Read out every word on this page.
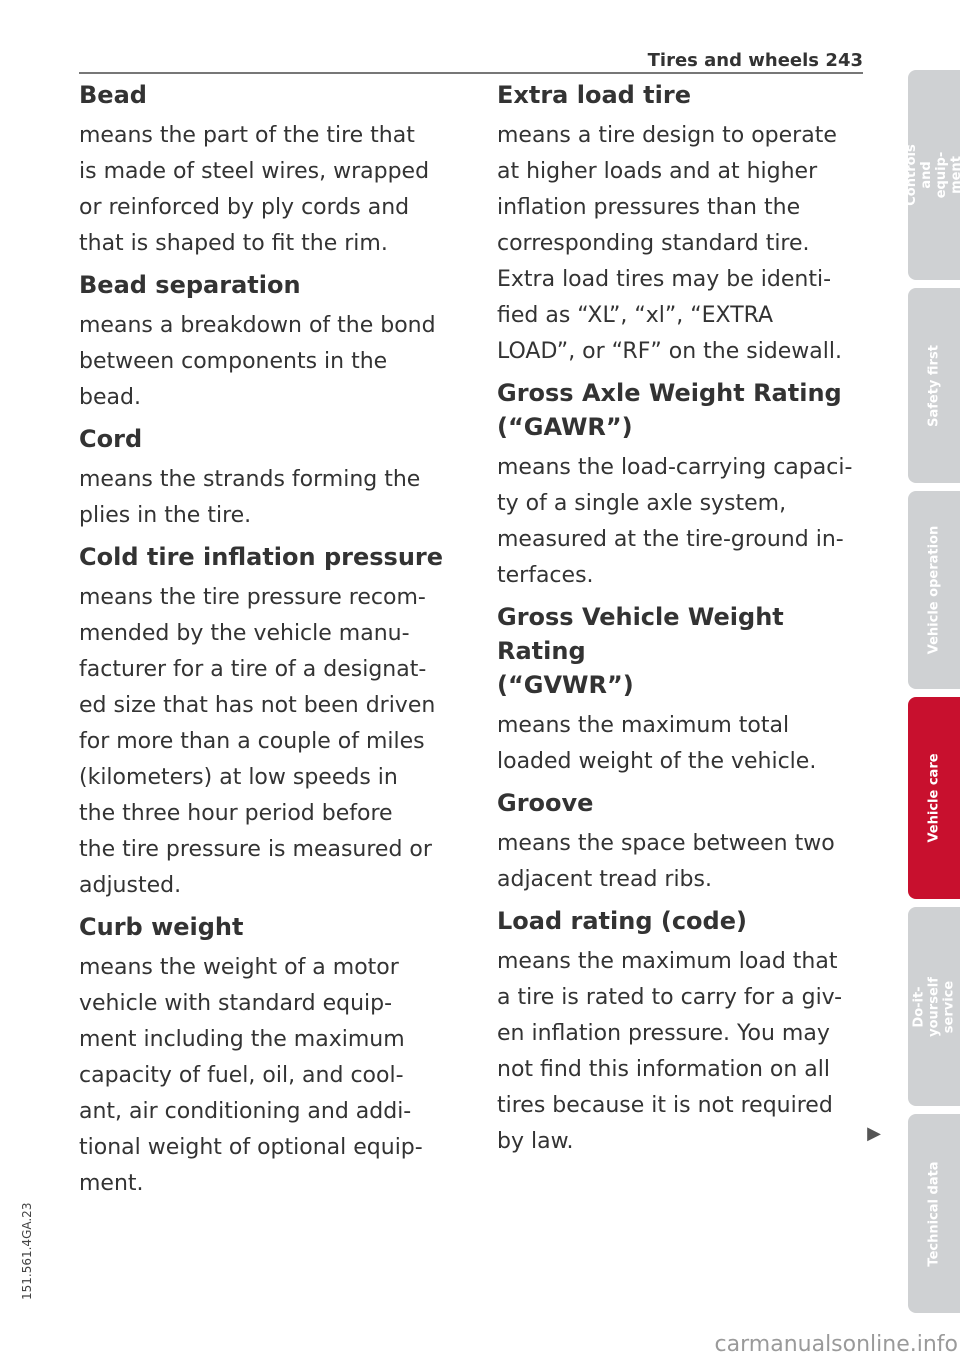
Tires and wheels 243
Bead
means the part of the tire that
is made of steel wires, wrapped
or reinforced by ply cords and
that is shaped to fit the rim.
Bead separation
means a breakdown of the bond
between components in the
bead.
Cord
means the strands forming the
plies in the tire.
Cold tire inflation pressure
means the tire pressure recom-
mended by the vehicle manu-
facturer for a tire of a designat-
ed size that has not been driven
for more than a couple of miles
(kilometers) at low speeds in
the three hour period before
the tire pressure is measured or
adjusted.
Curb weight
means the weight of a motor
vehicle with standard equip-
ment including the maximum
capacity of fuel, oil, and cool-
ant, air conditioning and addi-
tional weight of optional equip-
ment.
Extra load tire
means a tire design to operate
at higher loads and at higher
inflation pressures than the
corresponding standard tire.
Extra load tires may be identi-
fied as “XL”, “xl”, “EXTRA
LOAD”, or “RF” on the sidewall.
Gross Axle Weight Rating
(“GAWR”)
means the load-carrying capaci-
ty of a single axle system,
measured at the tire-ground in-
terfaces.
Gross Vehicle Weight Rating
(“GVWR”)
means the maximum total
loaded weight of the vehicle.
Groove
means the space between two
adjacent tread ribs.
Load rating (code)
means the maximum load that
a tire is rated to carry for a giv-
en inflation pressure. You may
not find this information on all
tires because it is not required
by law.	▶
Controls and equip-
ment
Safety first
Vehicle operation
Vehicle care
Do-it-yourself
service
Technical data
151.561.4GA.23
carmanualsonline.info
